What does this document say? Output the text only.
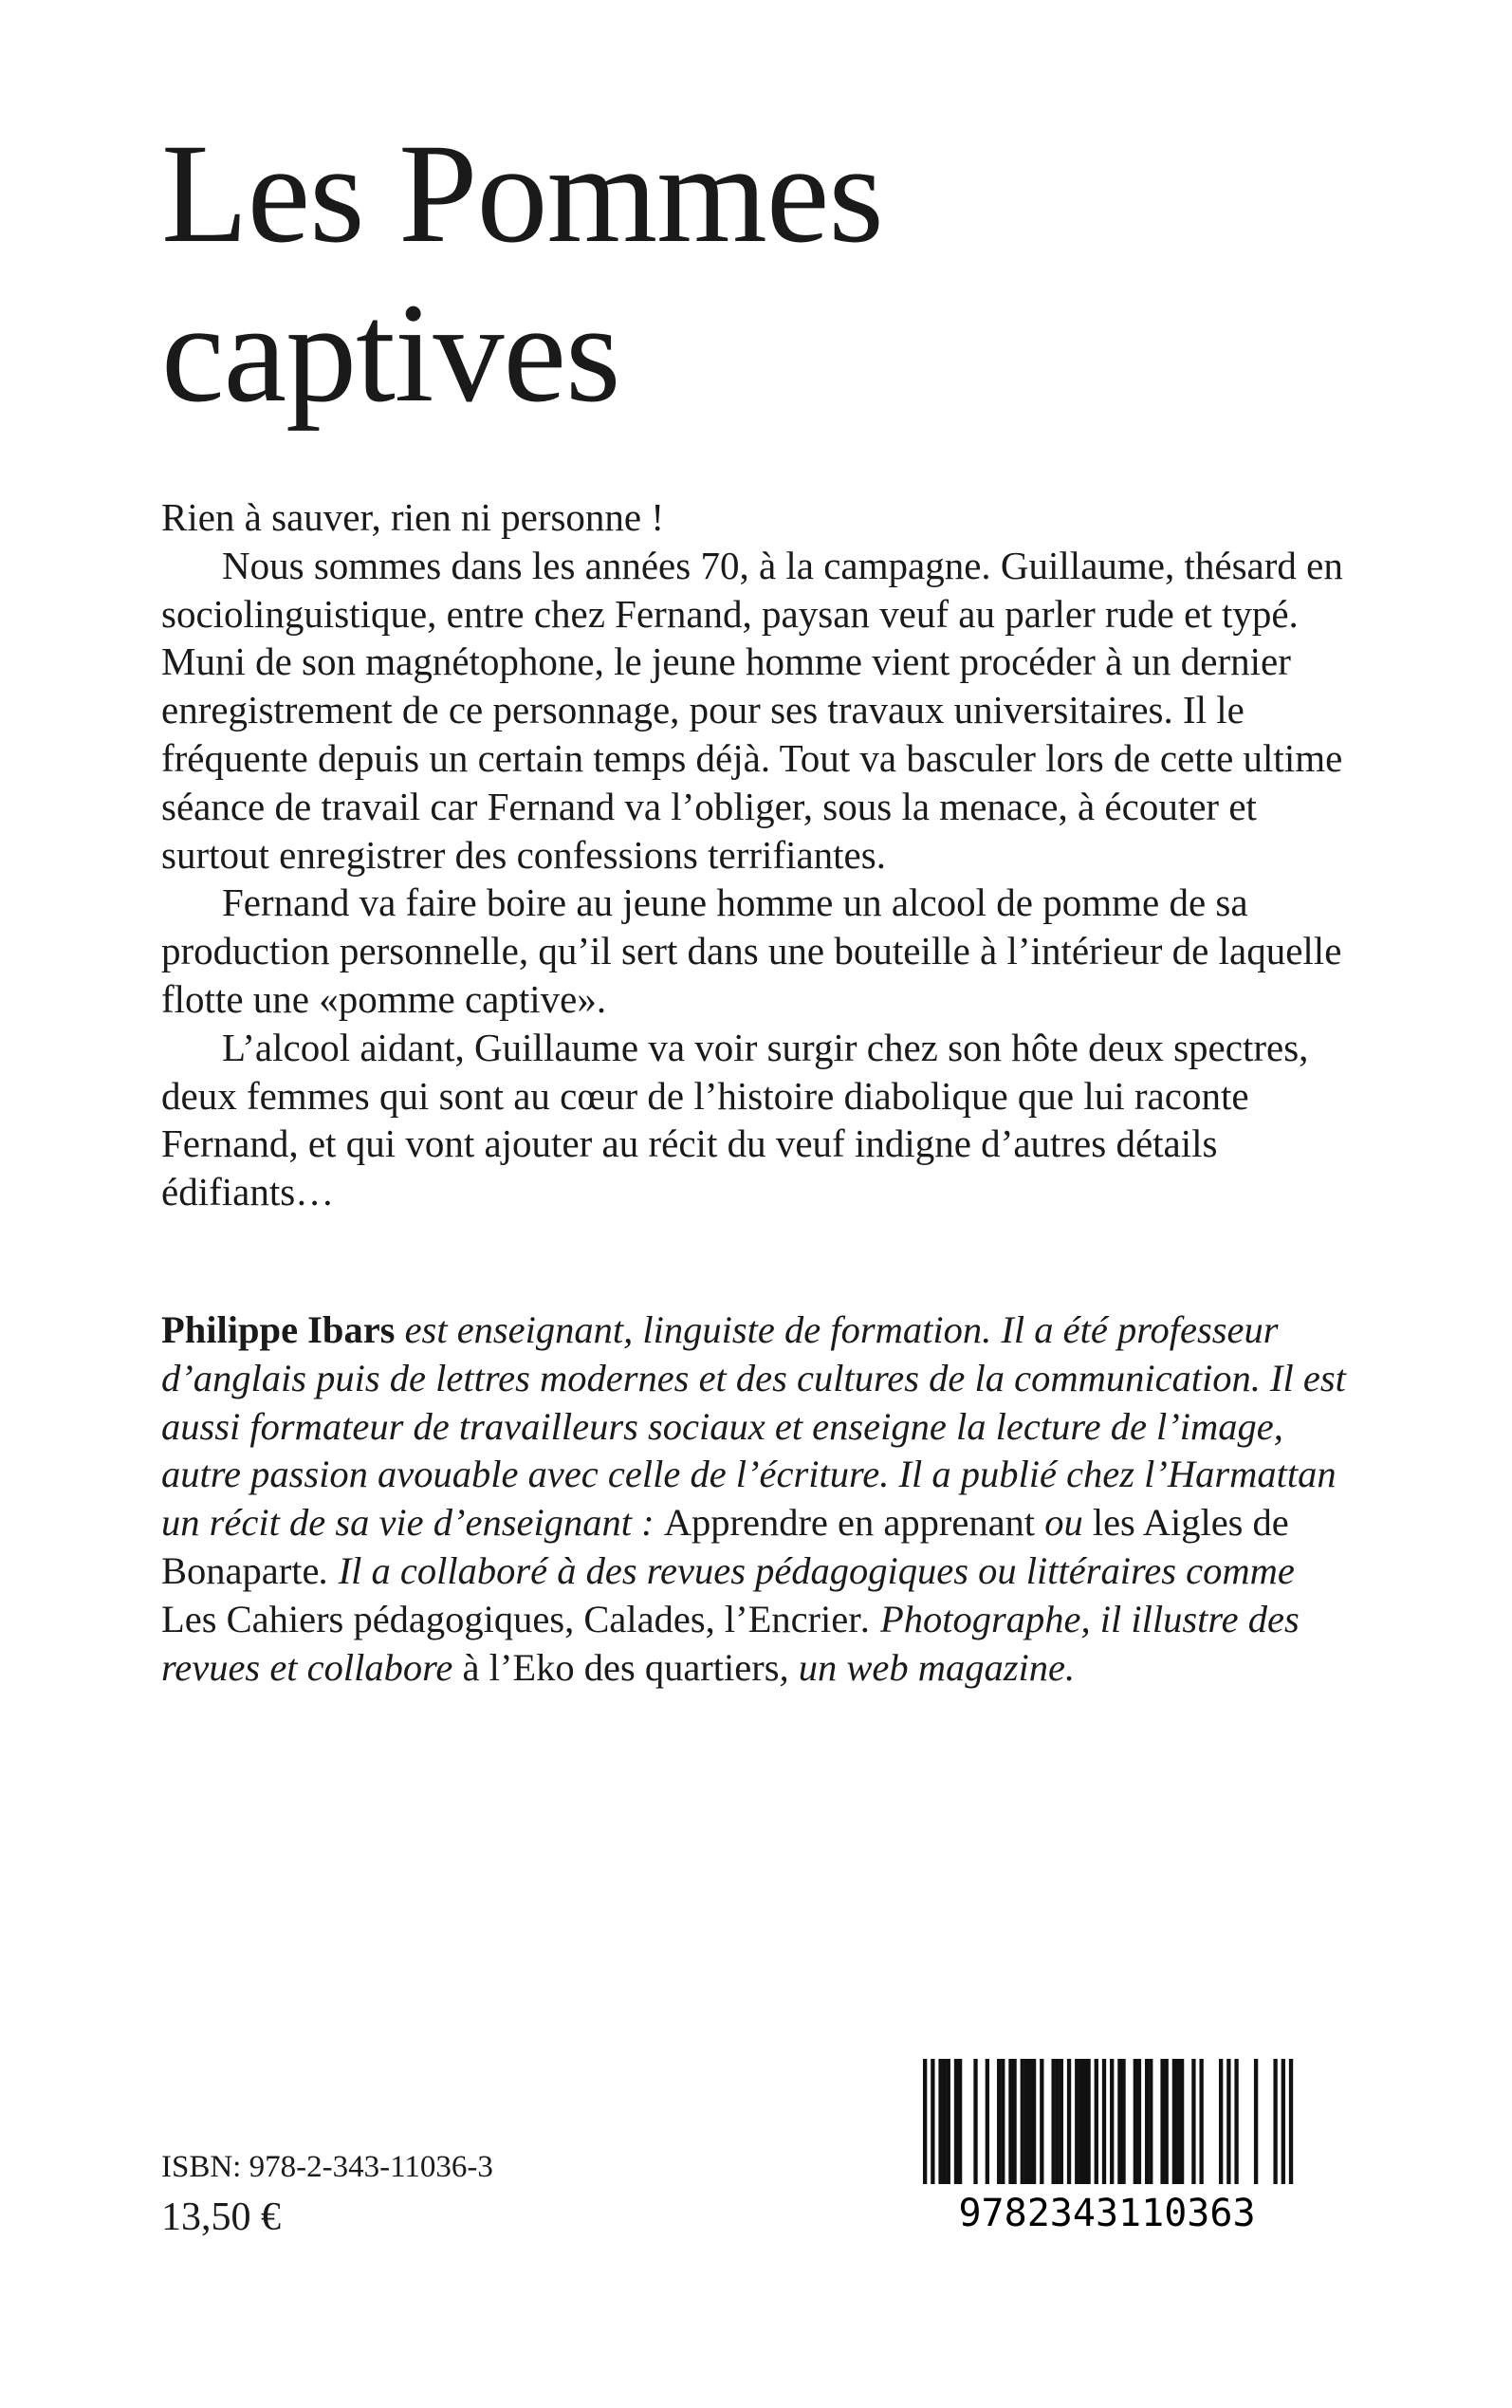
Les Pommes
captives

Rien à sauver, rien ni personne !

Nous sommes dans les années 70, à la campagne. Guillaume, thésard en sociolinguistique, entre chez Fernand, paysan veuf au parler rude et typé. Muni de son magnétophone, le jeune homme vient procéder à un dernier enregistrement de ce personnage, pour ses travaux universitaires. Il le fréquente depuis un certain temps déjà. Tout va basculer lors de cette ultime séance de travail car Fernand va l’obliger, sous la menace, à écouter et surtout enregistrer des confessions terrifiantes.

Fernand va faire boire au jeune homme un alcool de pomme de sa production personnelle, qu’il sert dans une bouteille à l’intérieur de laquelle flotte une «pomme captive».

L’alcool aidant, Guillaume va voir surgir chez son hôte deux spectres, deux femmes qui sont au cœur de l’histoire diabolique que lui raconte Fernand, et qui vont ajouter au récit du veuf indigne d’autres détails édifiants…

Philippe Ibars est enseignant, linguiste de formation. Il a été professeur d’anglais puis de lettres modernes et des cultures de la communication. Il est aussi formateur de travailleurs sociaux et enseigne la lecture de l’image, autre passion avouable avec celle de l’écriture. Il a publié chez l’Harmattan un récit de sa vie d’enseignant : Apprendre en apprenant ou les Aigles de Bonaparte. Il a collaboré à des revues pédagogiques ou littéraires comme Les Cahiers pédagogiques, Calades, l’Encrier. Photographe, il illustre des revues et collabore à l’Eko des quartiers, un web magazine.

ISBN: 978-2-343-11036-3
13,50 €	9782343110363
